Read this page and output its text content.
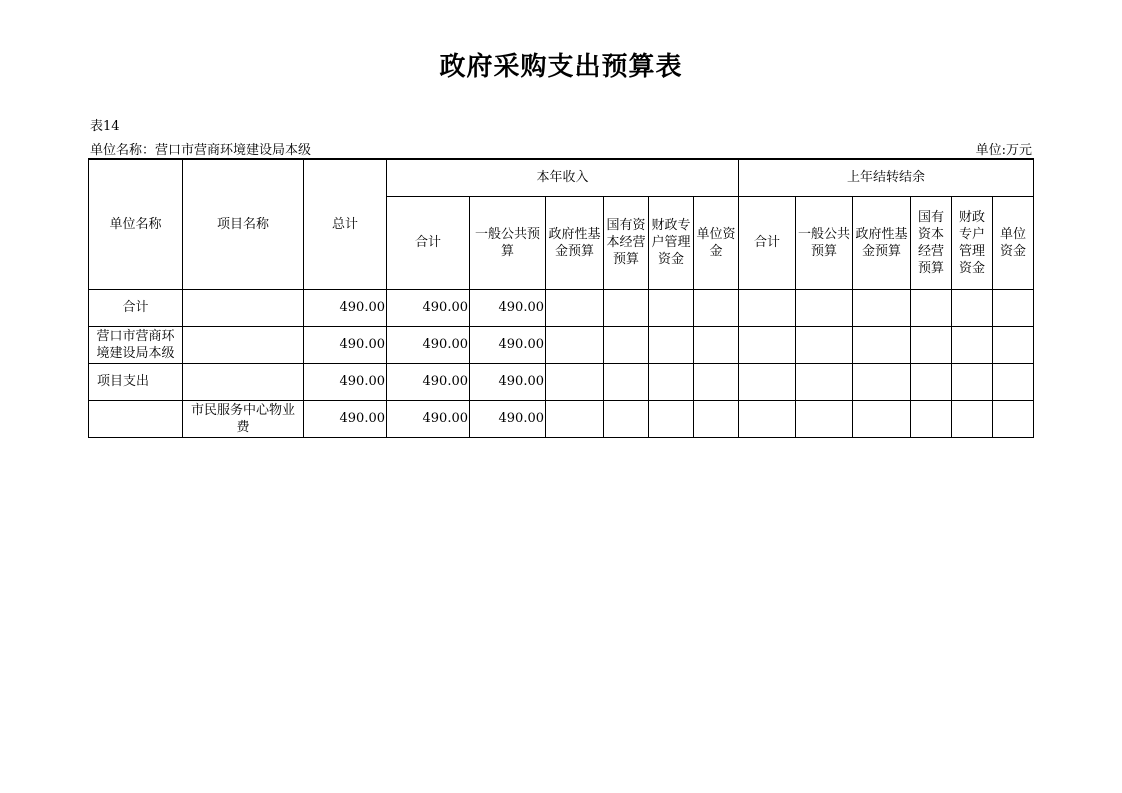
政府采购支出预算表
表14
单位名称：营口市营商环境建设局本级	单位:万元
单位名称	项目名称	总计	本年收入						上年结转结余					
			合计	一般公共预算	政府性基金预算	国有资本经营预算	财政专户管理资金	单位资金	合计	一般公共预算	政府性基金预算	国有资本经营预算	财政专户管理资金	单位资金
合计		490.00	490.00	490.00										
营口市营商环境建设局本级		490.00	490.00	490.00										
项目支出		490.00	490.00	490.00										
	市民服务中心物业费	490.00	490.00	490.00										
